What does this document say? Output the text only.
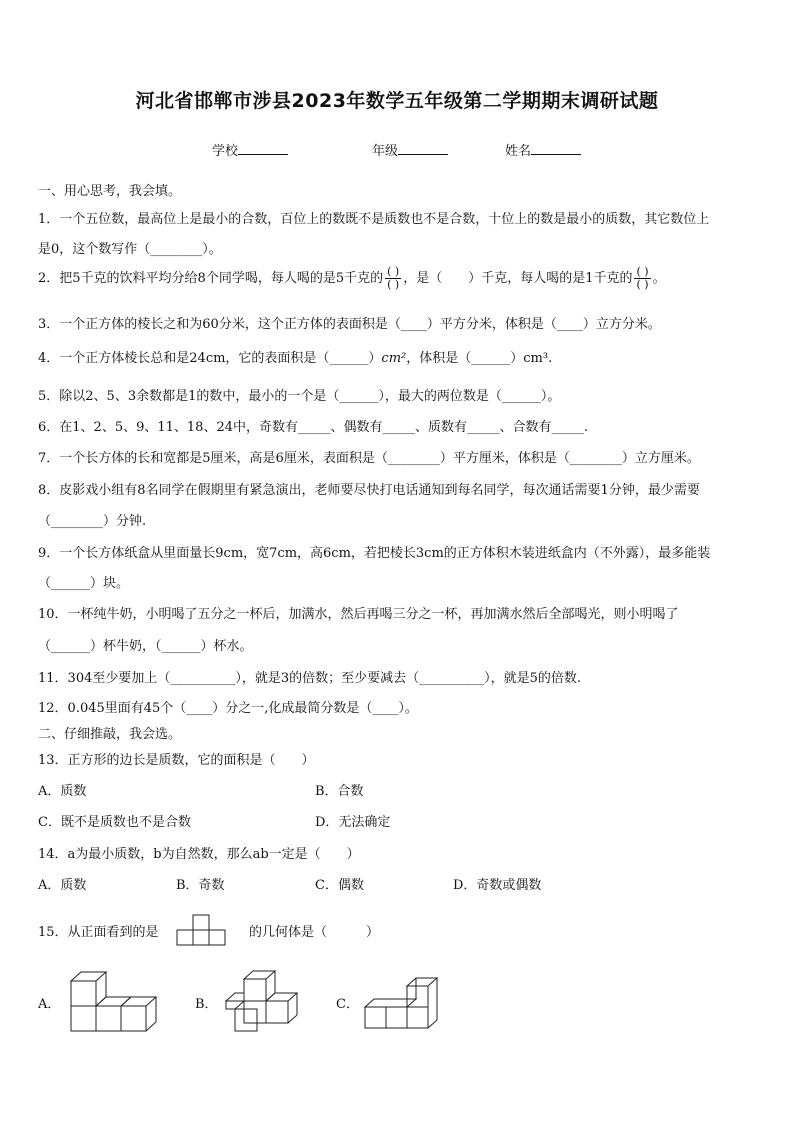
河北省邯郸市涉县2023年数学五年级第二学期期末调研试题
学校	年级	姓名
一、用心思考，我会填。
1．一个五位数，最高位上是最小的合数，百位上的数既不是质数也不是合数，十位上的数是最小的质数，其它数位上
是0，这个数写作（________）。
2．把5千克的饮料平均分给8个同学喝，每人喝的是5千克的 $\frac{( )}{( )}$ ，是（　　）千克，每人喝的是1千克的 $\frac{( )}{( )}$ 。
3．一个正方体的棱长之和为60分米，这个正方体的表面积是（____）平方分米，体积是（____）立方分米。
4．一个正方体棱长总和是24cm，它的表面积是（______）cm²，体积是（______）cm³.
5．除以2、5、3余数都是1的数中，最小的一个是（______），最大的两位数是（______）。
6．在1、2、5、9、11、18、24中，奇数有_____、偶数有_____、质数有_____、合数有_____.
7．一个长方体的长和宽都是5厘米，高是6厘米，表面积是（________）平方厘米，体积是（________）立方厘米。
8．皮影戏小组有8名同学在假期里有紧急演出，老师要尽快打电话通知到每名同学，每次通话需要1分钟，最少需要
（________）分钟.
9．一个长方体纸盒从里面量长9cm，宽7cm，高6cm，若把棱长3cm的正方体积木装进纸盒内（不外露），最多能装
（______）块。
10．一杯纯牛奶，小明喝了五分之一杯后，加满水，然后再喝三分之一杯，再加满水然后全部喝光，则小明喝了
（______）杯牛奶，（______）杯水。
11．304至少要加上（__________），就是3的倍数；至少要减去（__________），就是5的倍数.
12．0.045里面有45个（____）分之一,化成最简分数是（____）。
二、仔细推敲，我会选。
13．正方形的边长是质数，它的面积是（　　）
A．质数	B．合数
C．既不是质数也不是合数	D．无法确定
14．a为最小质数，b为自然数，那么ab一定是（　　）
A．质数	B．奇数	C．偶数	D．奇数或偶数
15．从正面看到的是	的几何体是（　　　）
A．	B．	C．
